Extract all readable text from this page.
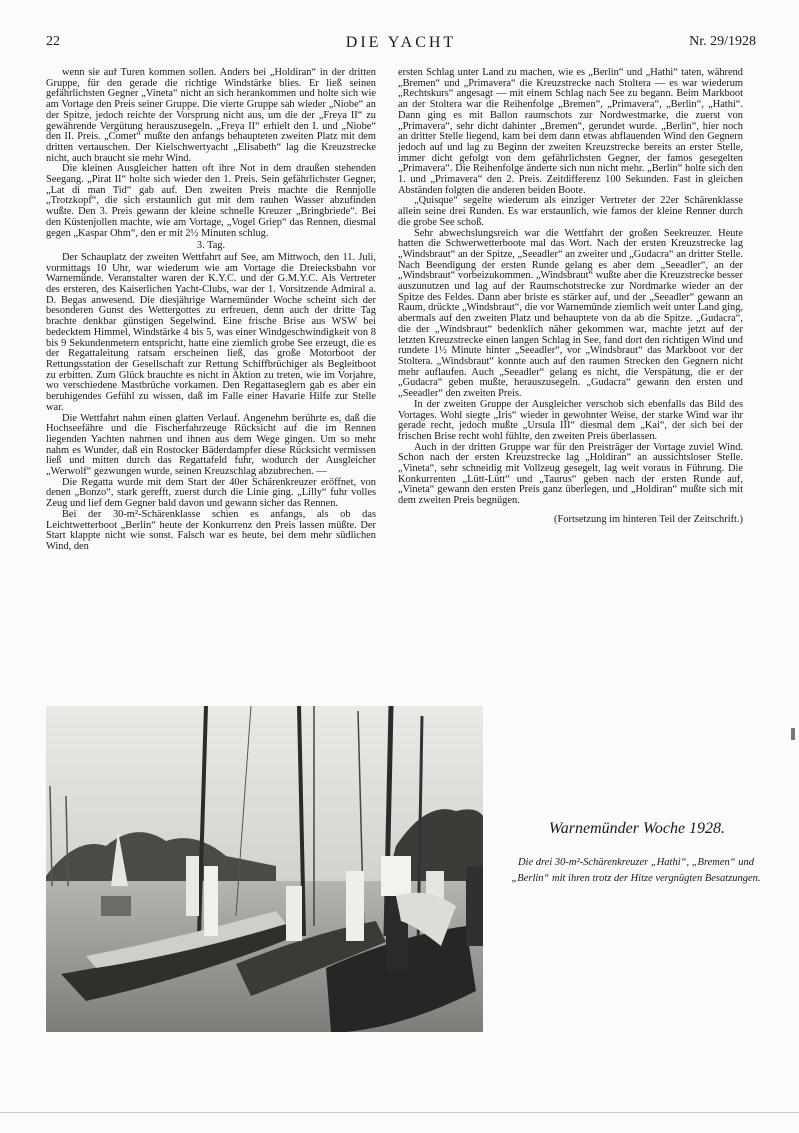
22	DIE YACHT	Nr. 29/1928

wenn sie auf Turen kommen sollen. Anders bei „Holdiran“ in der dritten Gruppe, für den gerade die richtige Windstärke blies. Er ließ seinen gefährlichsten Gegner „Vineta“ nicht an sich herankommen und holte sich wie am Vortage den Preis seiner Gruppe. Die vierte Gruppe sah wieder „Niobe“ an der Spitze, jedoch reichte der Vorsprung nicht aus, um die der „Freya II“ zu gewährende Vergütung herauszusegeln. „Freya II“ erhielt den I. und „Niobe“ den II. Preis. „Comet“ mußte den anfangs behaupteten zweiten Platz mit dem dritten vertauschen. Der Kielschwertyacht „Elisabeth“ lag die Kreuzstrecke nicht, auch braucht sie mehr Wind.

Die kleinen Ausgleicher hatten oft ihre Not in dem draußen stehenden Seegang. „Pirat II“ holte sich wieder den 1. Preis. Sein gefährlichster Gegner, „Lat di man Tid“ gab auf. Den zweiten Preis machte die Rennjolle „Trotzkopf“, die sich erstaunlich gut mit dem rauhen Wasser abzufinden wußte. Den 3. Preis gewann der kleine schnelle Kreuzer „Bringbriede“. Bei den Küstenjollen machte, wie am Vortage, „Vogel Griep“ das Rennen, diesmal gegen „Kaspar Ohm“, den er mit 2½ Minuten schlug.

3. Tag.

Der Schauplatz der zweiten Wettfahrt auf See, am Mittwoch, den 11. Juli, vormittags 10 Uhr, war wiederum wie am Vortage die Dreiecksbahn vor Warnemünde. Veranstalter waren der K.Y.C. und der G.M.Y.C. Als Vertreter des ersteren, des Kaiserlichen Yacht-Clubs, war der 1. Vorsitzende Admiral a. D. Begas anwesend. Die diesjährige Warnemünder Woche scheint sich der besonderen Gunst des Wettergottes zu erfreuen, denn auch der dritte Tag brachte denkbar günstigen Segelwind. Eine frische Brise aus WSW bei bedecktem Himmel, Windstärke 4 bis 5, was einer Windgeschwindigkeit von 8 bis 9 Sekundenmetern entspricht, hatte eine ziemlich grobe See erzeugt, die es der Regattaleitung ratsam erscheinen ließ, das große Motorboot der Rettungsstation der Gesellschaft zur Rettung Schiffbrüchiger als Begleitboot zu erbitten. Zum Glück brauchte es nicht in Aktion zu treten, wie im Vorjahre, wo verschiedene Mastbrüche vorkamen. Den Regattaseglern gab es aber ein beruhigendes Gefühl zu wissen, daß im Falle einer Havarie Hilfe zur Stelle war.

Die Wettfahrt nahm einen glatten Verlauf. Angenehm berührte es, daß die Hochseefähre und die Fischerfahrzeuge Rücksicht auf die im Rennen liegenden Yachten nahmen und ihnen aus dem Wege gingen. Um so mehr nahm es Wunder, daß ein Rostocker Bäderdampfer diese Rücksicht vermissen ließ und mitten durch das Regattafeld fuhr, wodurch der Ausgleicher „Werwolf“ gezwungen wurde, seinen Kreuzschlag abzubrechen. —

Die Regatta wurde mit dem Start der 40er Schärenkreuzer eröffnet, von denen „Bonzo“, stark gerefft, zuerst durch die Linie ging. „Lilly“ fuhr volles Zeug und lief dem Gegner bald davon und gewann sicher das Rennen.

Bei der 30-m²-Schärenklasse schien es anfangs, als ob das Leichtwetterboot „Berlin“ heute der Konkurrenz den Preis lassen müßte. Der Start klappte nicht wie sonst. Falsch war es heute, bei dem mehr südlichen Wind, den

ersten Schlag unter Land zu machen, wie es „Berlin“ und „Hathi“ taten, während „Bremen“ und „Primavera“ die Kreuzstrecke nach Stoltera — es war wiederum „Rechtskurs“ angesagt — mit einem Schlag nach See zu begann. Beim Markboot an der Stoltera war die Reihenfolge „Bremen“, „Primavera“, „Berlin“, „Hathi“. Dann ging es mit Ballon raumschots zur Nordwestmarke, die zuerst von „Primavera“, sehr dicht dahinter „Bremen“, gerundet wurde. „Berlin“, hier noch an dritter Stelle liegend, kam bei dem dann etwas abflauenden Wind den Gegnern jedoch auf und lag zu Beginn der zweiten Kreuzstrecke bereits an erster Stelle, immer dicht gefolgt von dem gefährlichsten Gegner, der famos gesegelten „Primavera“. Die Reihenfolge änderte sich nun nicht mehr. „Berlin“ holte sich den 1. und „Primavera“ den 2. Preis. Zeitdifferenz 100 Sekunden. Fast in gleichen Abständen folgten die anderen beiden Boote.

„Quisque“ segelte wiederum als einziger Vertreter der 22er Schärenklasse allein seine drei Runden. Es war erstaunlich, wie famos der kleine Renner durch die grobe See schoß.

Sehr abwechslungsreich war die Wettfahrt der großen Seekreuzer. Heute hatten die Schwerwetterboote mal das Wort. Nach der ersten Kreuzstrecke lag „Windsbraut“ an der Spitze, „Seeadler“ an zweiter und „Gudacra“ an dritter Stelle. Nach Beendigung der ersten Runde gelang es aber dem „Seeadler“, an der „Windsbraut“ vorbeizukommen. „Windsbraut“ wußte aber die Kreuzstrecke besser auszunutzen und lag auf der Raumschotstrecke zur Nordmarke wieder an der Spitze des Feldes. Dann aber briste es stärker auf, und der „Seeadler“ gewann an Raum, drückte „Windsbraut“, die vor Warnemünde ziemlich weit unter Land ging, abermals auf den zweiten Platz und behauptete von da ab die Spitze. „Gudacra“, die der „Windsbraut“ bedenklich näher gekommen war, machte jetzt auf der letzten Kreuzstrecke einen langen Schlag in See, fand dort den richtigen Wind und rundete 1½ Minute hinter „Seeadler“, vor „Windsbraut“ das Markboot vor der Stoltera. „Windsbraut“ konnte auch auf den raumen Strecken den Gegnern nicht mehr auflaufen. Auch „Seeadler“ gelang es nicht, die Verspätung, die er der „Gudacra“ geben mußte, herauszusegeln. „Gudacra“ gewann den ersten und „Seeadler“ den zweiten Preis.

In der zweiten Gruppe der Ausgleicher verschob sich ebenfalls das Bild des Vortages. Wohl siegte „Iris“ wieder in gewohnter Weise, der starke Wind war ihr gerade recht, jedoch mußte „Ursula III“ diesmal dem „Kai“, der sich bei der frischen Brise recht wohl fühlte, den zweiten Preis überlassen.

Auch in der dritten Gruppe war für den Preisträger der Vortage zuviel Wind. Schon nach der ersten Kreuzstrecke lag „Holdiran“ an aussichtsloser Stelle. „Vineta“, sehr schneidig mit Vollzeug gesegelt, lag weit voraus in Führung. Die Konkurrenten „Lütt-Lütt“ und „Taurus“ geben nach der ersten Runde auf, „Vineta“ gewann den ersten Preis ganz überlegen, und „Holdiran“ mußte sich mit dem zweiten Preis begnügen.

(Fortsetzung im hinteren Teil der Zeitschrift.)

Warnemünder Woche 1928.
Die drei 30-m²-Schärenkreuzer „Hathi“, „Bremen“ und „Berlin“ mit ihren trotz der Hitze vergnügten Besatzungen.
